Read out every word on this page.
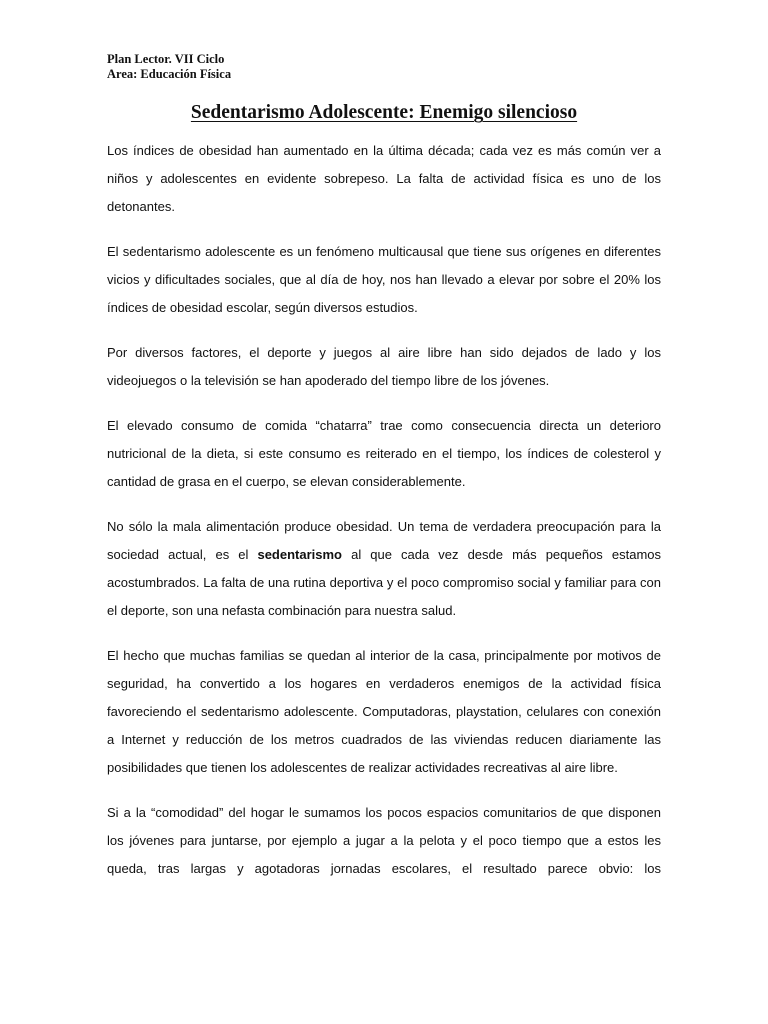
Plan Lector. VII Ciclo
Area: Educación Física
Sedentarismo Adolescente: Enemigo silencioso

Los índices de obesidad han aumentado en la última década; cada vez es más común ver a niños y adolescentes en evidente sobrepeso. La falta de actividad física es uno de los detonantes.

El sedentarismo adolescente es un fenómeno multicausal que tiene sus orígenes en diferentes vicios y dificultades sociales, que al día de hoy, nos han llevado a elevar por sobre el 20% los índices de obesidad escolar, según diversos estudios.

Por diversos factores, el deporte y juegos al aire libre han sido dejados de lado y los videojuegos o la televisión se han apoderado del tiempo libre de los jóvenes.

El elevado consumo de comida “chatarra” trae como consecuencia directa un deterioro nutricional de la dieta, si este consumo es reiterado en el tiempo, los índices de colesterol y cantidad de grasa en el cuerpo, se elevan considerablemente.

No sólo la mala alimentación produce obesidad. Un tema de verdadera preocupación para la sociedad actual, es el sedentarismo al que cada vez desde más pequeños estamos acostumbrados. La falta de una rutina deportiva y el poco compromiso social y familiar para con el deporte, son una nefasta combinación para nuestra salud.

El hecho que muchas familias se quedan al interior de la casa, principalmente por motivos de seguridad, ha convertido a los hogares en verdaderos enemigos de la actividad física favoreciendo el sedentarismo adolescente. Computadoras, playstation, celulares con conexión a Internet y reducción de los metros cuadrados de las viviendas reducen diariamente las posibilidades que tienen los adolescentes de realizar actividades recreativas al aire libre.

Si a la “comodidad” del hogar le sumamos los pocos espacios comunitarios de que disponen los jóvenes para juntarse, por ejemplo a jugar a la pelota y el poco tiempo que a estos les queda, tras largas y agotadoras jornadas escolares, el resultado parece obvio: los
